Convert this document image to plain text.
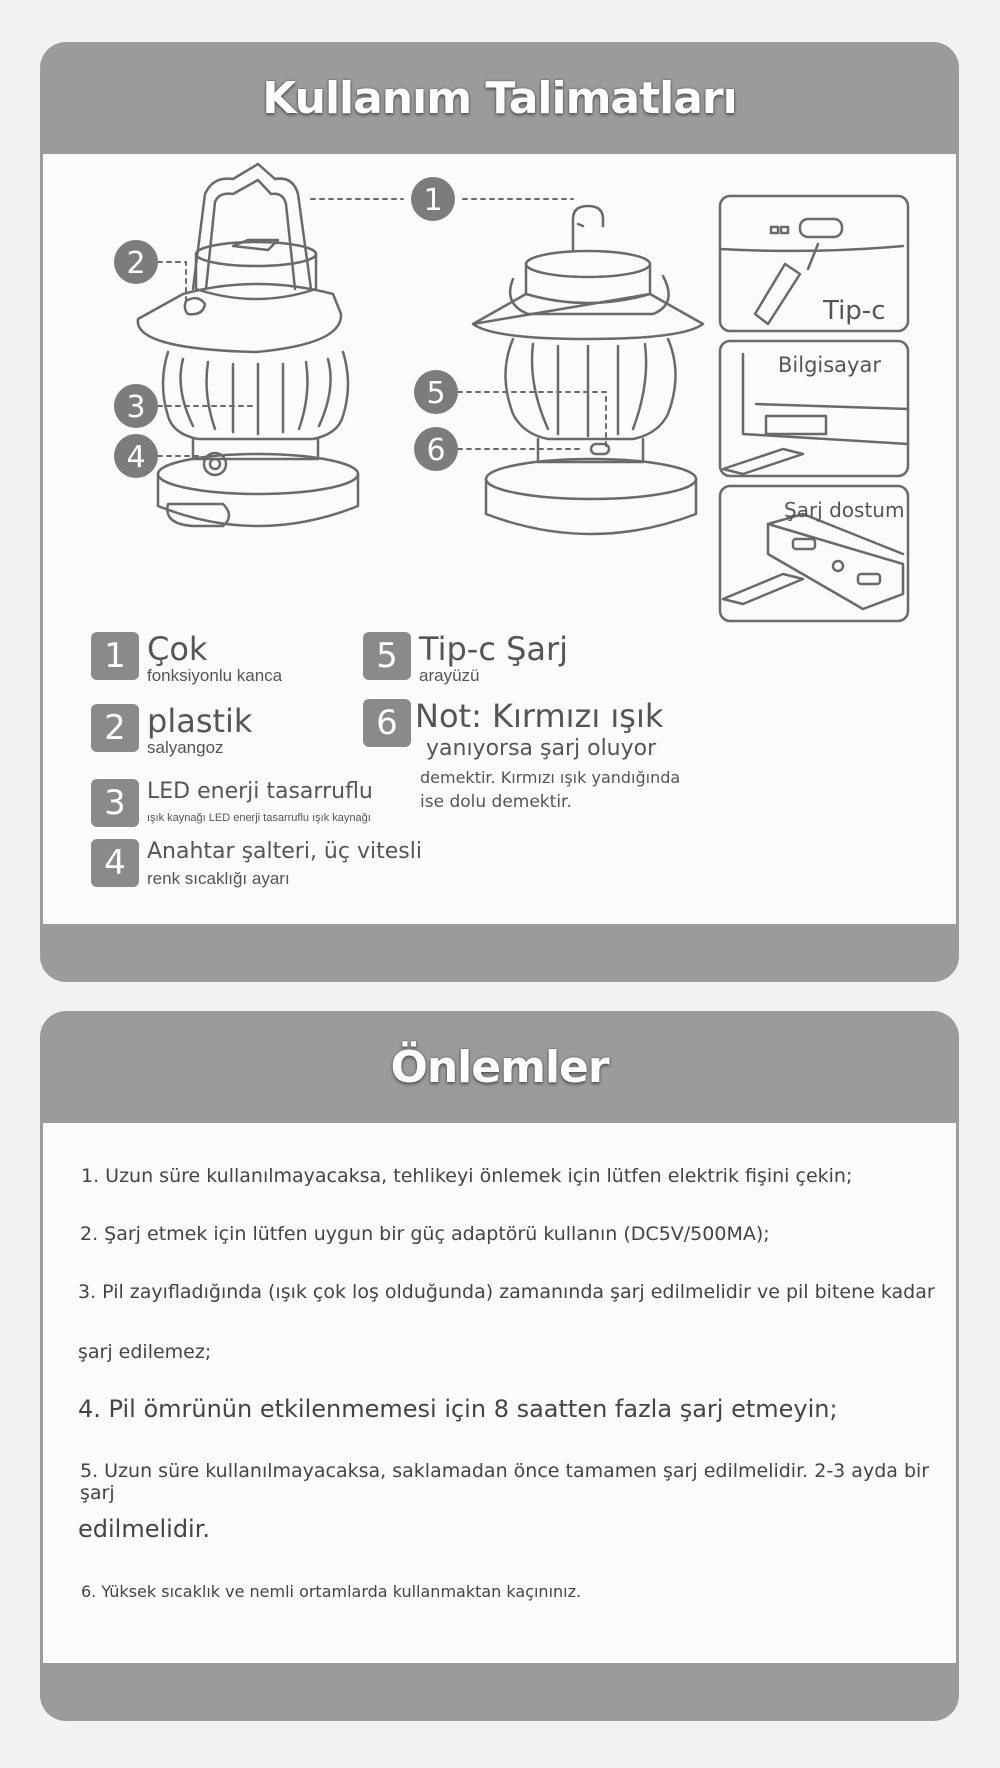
Kullanım Talimatları
1
2
3
4
5
6
Tip-c
Bilgisayar
Şarj dostum
1 Çok
fonksiyonlu kanca
2 plastik
salyangoz
3 LED enerji tasarruflu
ışık kaynağı LED enerji tasarruflu ışık kaynağı
4 Anahtar şalteri, üç vitesli
renk sıcaklığı ayarı
5 Tip-c Şarj
arayüzü
6 Not: Kırmızı ışık
yanıyorsa şarj oluyor
demektir. Kırmızı ışık yandığında
ise dolu demektir.
Önlemler

1. Uzun süre kullanılmayacaksa, tehlikeyi önlemek için lütfen elektrik fişini çekin;

2. Şarj etmek için lütfen uygun bir güç adaptörü kullanın (DC5V/500MA);

3. Pil zayıfladığında (ışık çok loş olduğunda) zamanında şarj edilmelidir ve pil bitene kadar

şarj edilemez;

4. Pil ömrünün etkilenmemesi için 8 saatten fazla şarj etmeyin;

5. Uzun süre kullanılmayacaksa, saklamadan önce tamamen şarj edilmelidir. 2-3 ayda bir şarj

edilmelidir.

6. Yüksek sıcaklık ve nemli ortamlarda kullanmaktan kaçınınız.
